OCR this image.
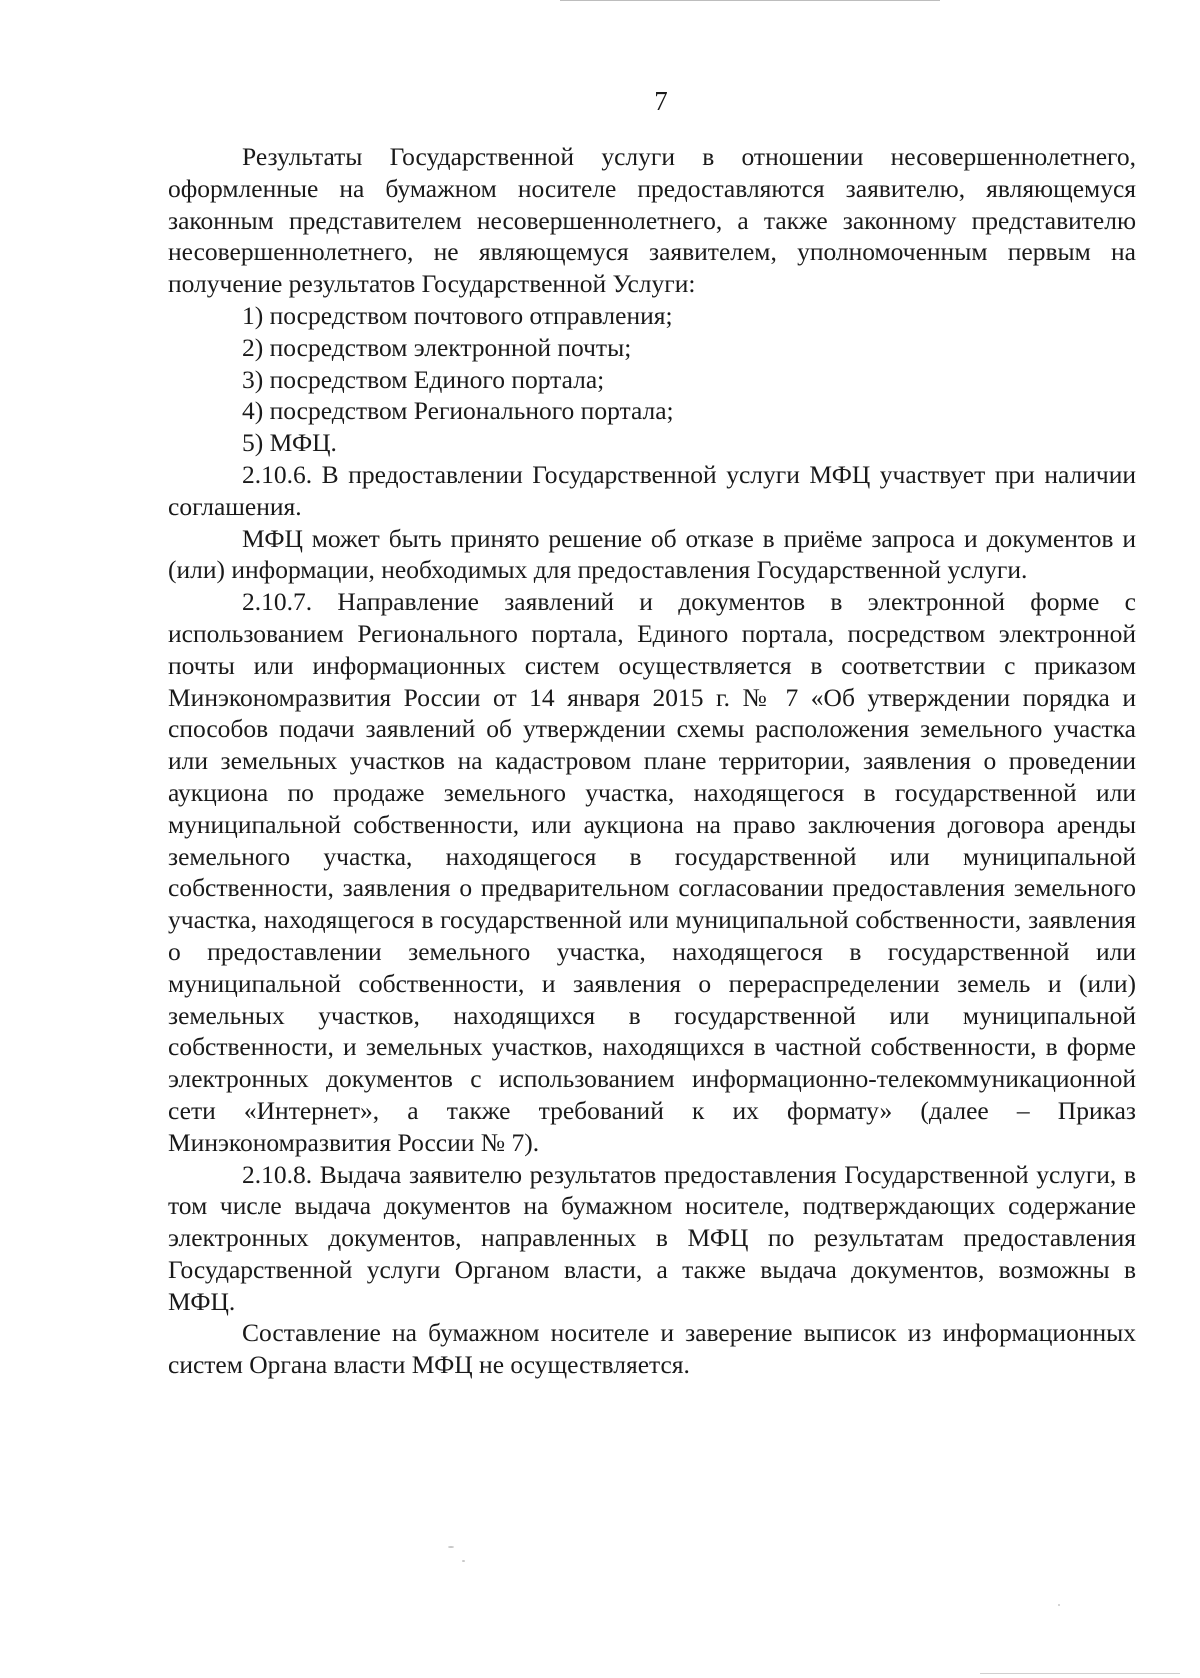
7

Результаты Государственной услуги в отношении несовершеннолетнего, оформленные на бумажном носителе предоставляются заявителю, являющемуся законным представителем несовершеннолетнего, а также законному представителю несовершеннолетнего, не являющемуся заявителем, уполномоченным первым на получение результатов Государственной Услуги:

1) посредством почтового отправления;

2) посредством электронной почты;

3) посредством Единого портала;

4) посредством Регионального портала;

5) МФЦ.

2.10.6. В предоставлении Государственной услуги МФЦ участвует при наличии соглашения.

МФЦ может быть принято решение об отказе в приёме запроса и документов и (или) информации, необходимых для предоставления Государственной услуги.

2.10.7. Направление заявлений и документов в электронной форме с использованием Регионального портала, Единого портала, посредством электронной почты или информационных систем осуществляется в соответствии с приказом Минэкономразвития России от 14 января 2015 г. № 7 «Об утверждении порядка и способов подачи заявлений об утверждении схемы расположения земельного участка или земельных участков на кадастровом плане территории, заявления о проведении аукциона по продаже земельного участка, находящегося в государственной или муниципальной собственности, или аукциона на право заключения договора аренды земельного участка, находящегося в государственной или муниципальной собственности, заявления о предварительном согласовании предоставления земельного участка, находящегося в государственной или муниципальной собственности, заявления о предоставлении земельного участка, находящегося в государственной или муниципальной собственности, и заявления о перераспределении земель и (или) земельных участков, находящихся в государственной или муниципальной собственности, и земельных участков, находящихся в частной собственности, в форме электронных документов с использованием информационно-телекоммуникационной сети «Интернет», а также требований к их формату» (далее – Приказ Минэкономразвития России № 7).

2.10.8. Выдача заявителю результатов предоставления Государственной услуги, в том числе выдача документов на бумажном носителе, подтверждающих содержание электронных документов, направленных в МФЦ по результатам предоставления Государственной услуги Органом власти, а также выдача документов, возможны в МФЦ.

Составление на бумажном носителе и заверение выписок из информационных систем Органа власти МФЦ не осуществляется.
